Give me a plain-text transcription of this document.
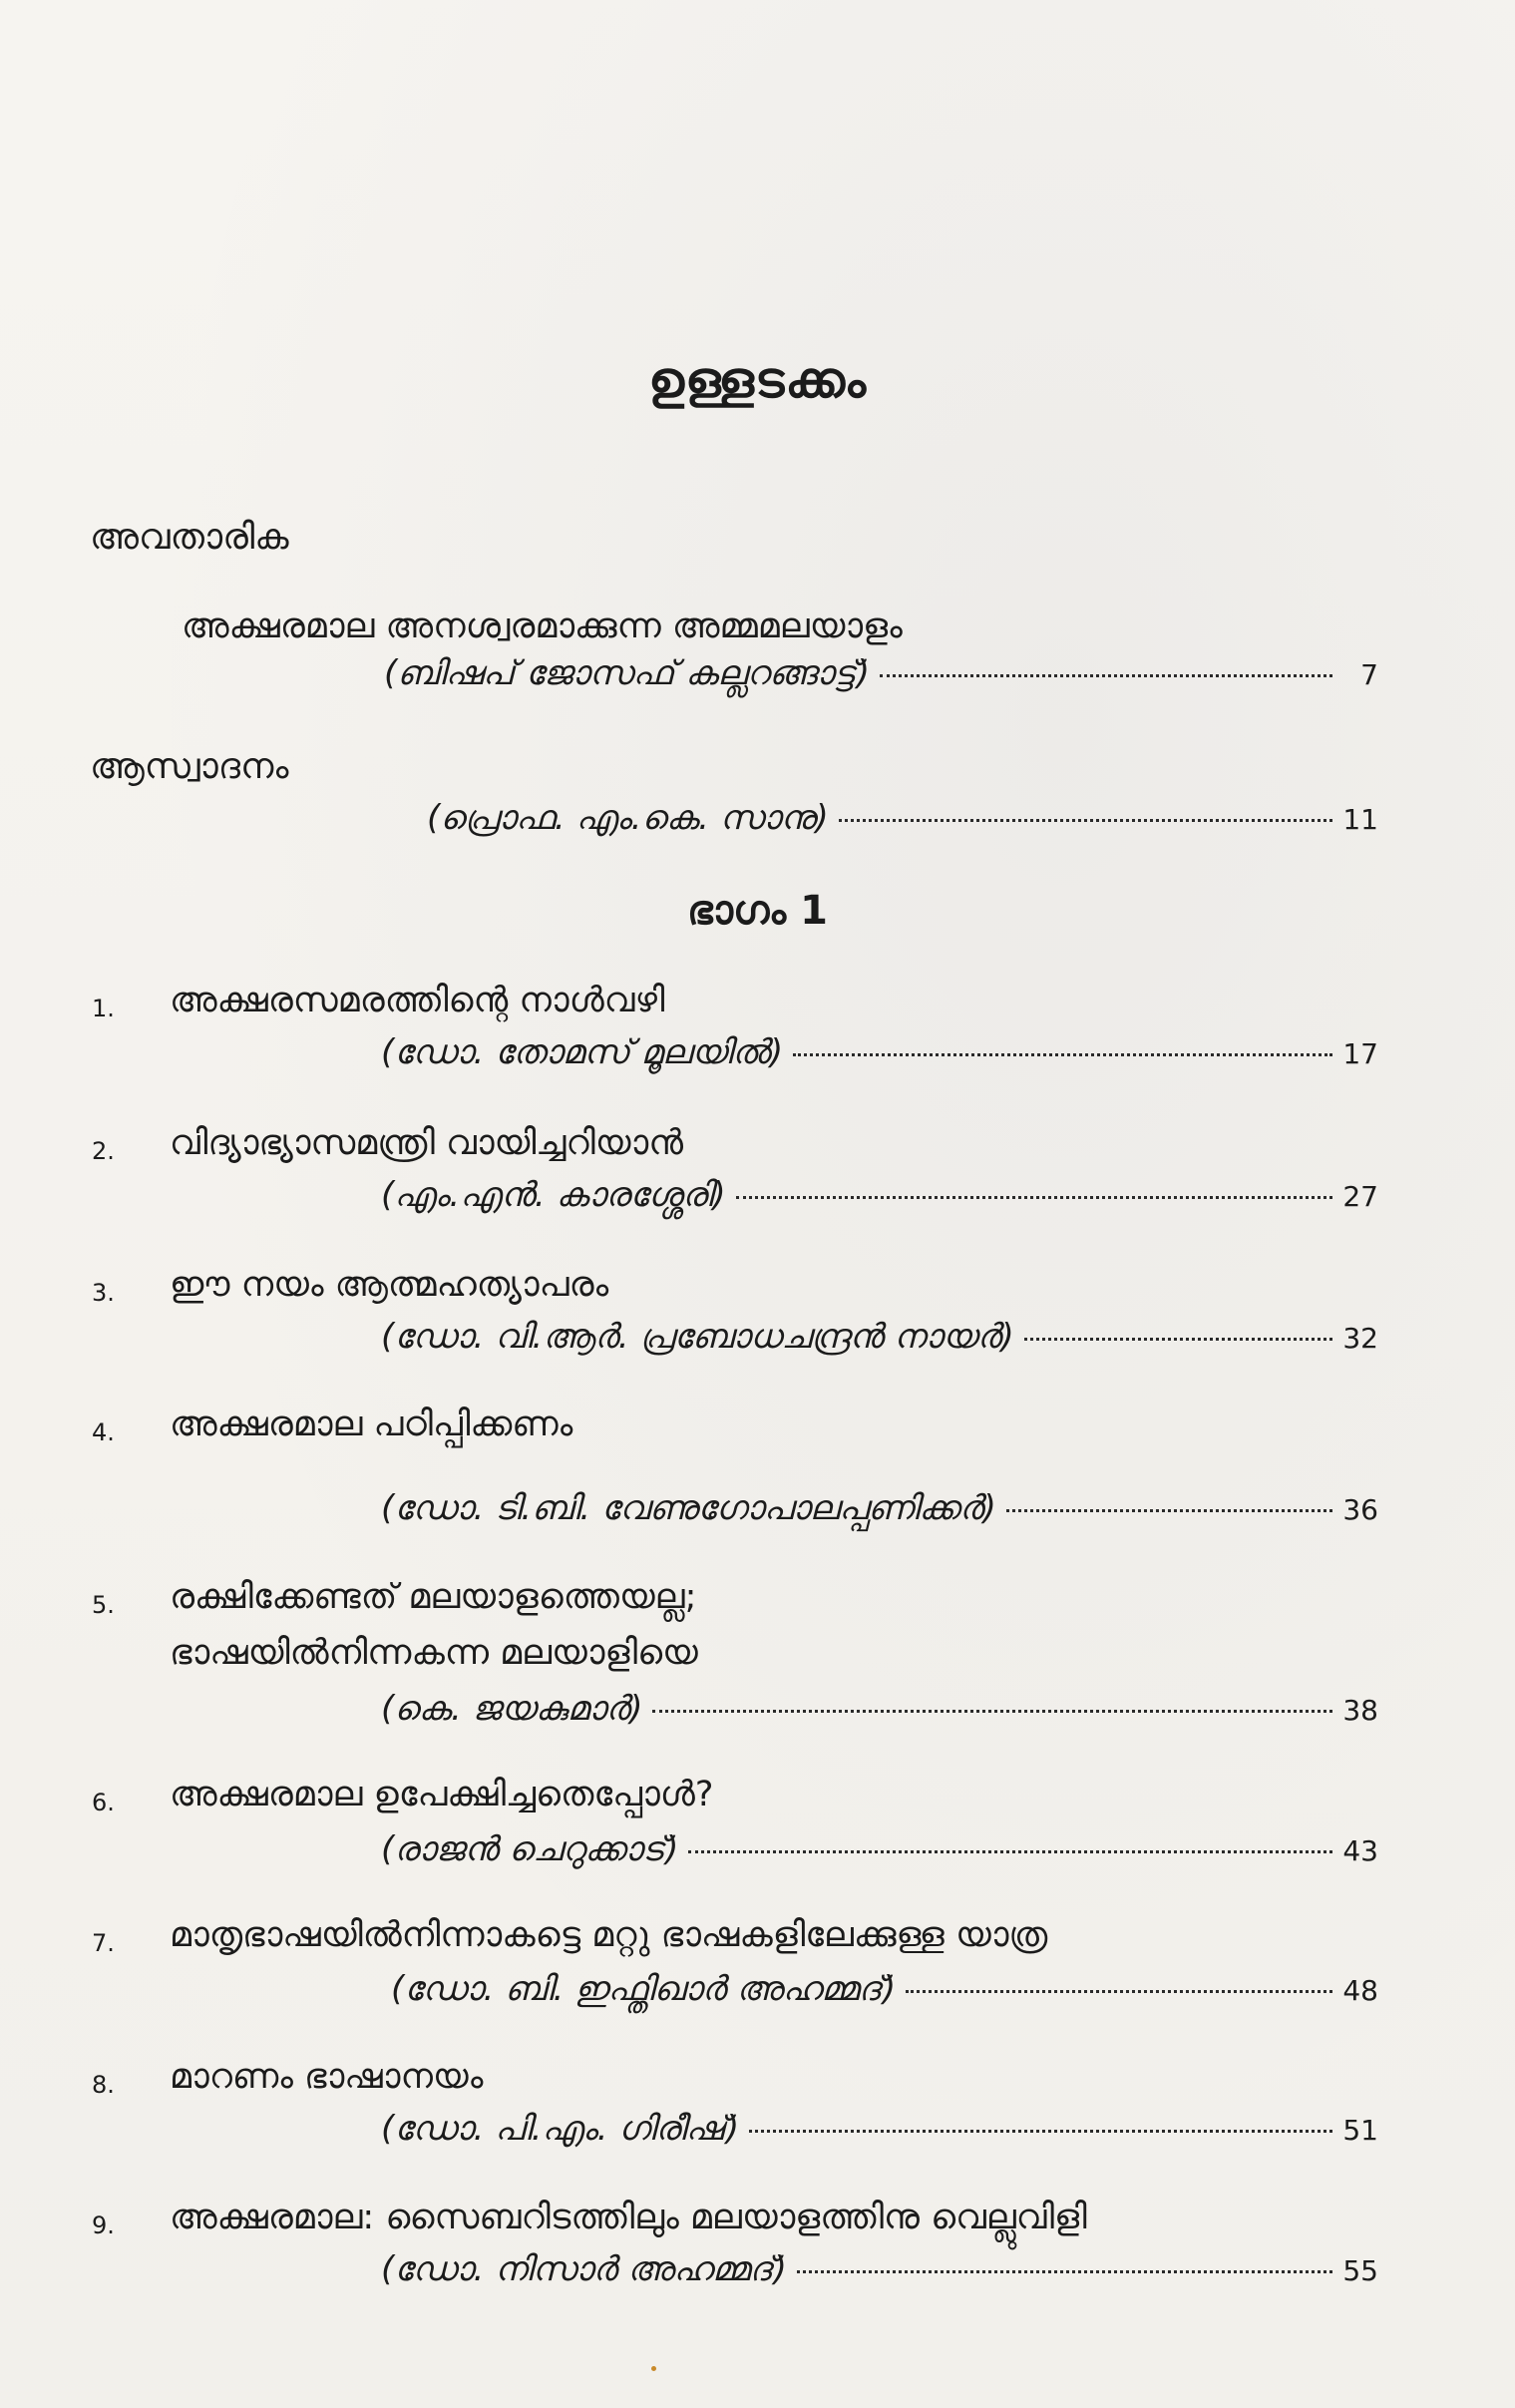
ഉള്ളടക്കം
അവതാരിക
അക്ഷരമാല അനശ്വരമാക്കുന്ന അമ്മമലയാളം
(ബിഷപ് ജോസഫ് കല്ലറങ്ങാട്ട്)	7
ആസ്വാദനം
(പ്രൊഫ. എം.കെ. സാനു)	11
ഭാഗം 1
1.	അക്ഷരസമരത്തിന്റെ നാൾവഴി
(ഡോ. തോമസ് മൂലയിൽ)	17
2.	വിദ്യാഭ്യാസമന്ത്രി വായിച്ചറിയാൻ
(എം.എൻ. കാരശ്ശേരി)	27
3.	ഈ നയം ആത്മഹത്യാപരം
(ഡോ. വി.ആർ. പ്രബോധചന്ദ്രൻ നായർ)	32
4.	അക്ഷരമാല പഠിപ്പിക്കണം
(ഡോ. ടി.ബി. വേണുഗോപാലപ്പണിക്കർ)	36
5.	രക്ഷിക്കേണ്ടത് മലയാളത്തെയല്ല;
ഭാഷയിൽനിന്നകന്ന മലയാളിയെ
(കെ. ജയകുമാർ)	38
6.	അക്ഷരമാല ഉപേക്ഷിച്ചതെപ്പോൾ?
(രാജൻ ചെറുക്കാട്)	43
7.	മാതൃഭാഷയിൽനിന്നാകട്ടെ മറ്റു ഭാഷകളിലേക്കുള്ള യാത്ര
(ഡോ. ബി. ഇഫ്തിഖാർ അഹമ്മദ്)	48
8.	മാറണം ഭാഷാനയം
(ഡോ. പി.എം. ഗിരീഷ്)	51
9.	അക്ഷരമാല: സൈബറിടത്തിലും മലയാളത്തിനു വെല്ലുവിളി
(ഡോ. നിസാർ അഹമ്മദ്)	55
